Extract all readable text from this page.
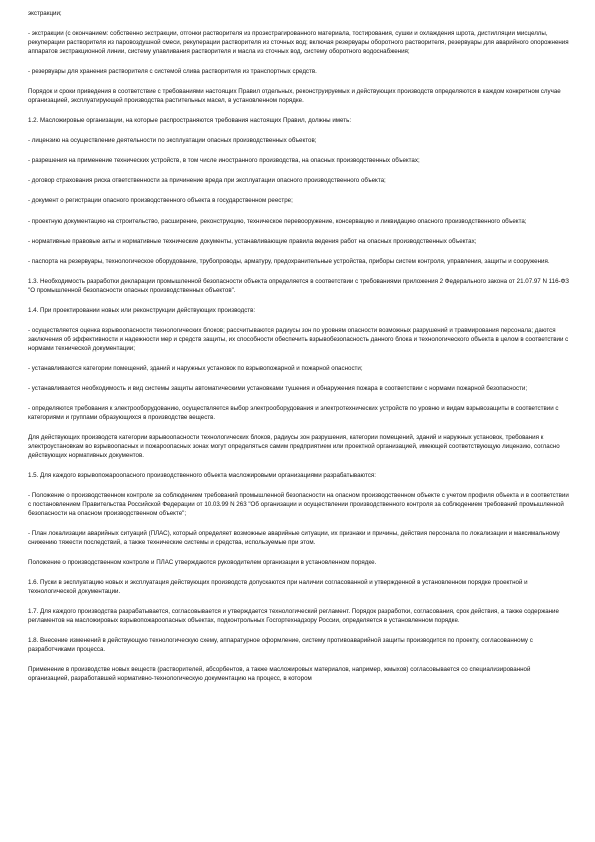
экстракции;

- экстракции (с окончанием: собственно экстракции, отгонки растворителя из проэкстрагированного материала, тостирования, сушки и охлаждения шрота, дистилляции мисцеллы, рекуперации растворителя из паровоздушной смеси, рекуперации растворителя из сточных вод; включая резервуары оборотного растворителя, резервуары для аварийного опорожнения аппаратов экстракционной линии, систему улавливания растворителя и масла из сточных вод, систему оборотного водоснабжения;

- резервуары для хранения растворителя с системой слива растворителя из транспортных средств.

Порядок и сроки приведения в соответствие с требованиями настоящих Правил отдельных, реконструируемых и действующих производств определяются в каждом конкретном случае организацией, эксплуатирующей производства растительных масел, в установленном порядке.

1.2. Масложировые организации, на которые распространяются требования настоящих Правил, должны иметь:

- лицензию на осуществление деятельности по эксплуатации опасных производственных объектов;

- разрешения на применение технических устройств, в том числе иностранного производства, на опасных производственных объектах;

- договор страхования риска ответственности за причинение вреда при эксплуатации опасного производственного объекта;

- документ о регистрации опасного производственного объекта в государственном реестре;

- проектную документацию на строительство, расширение, реконструкцию, техническое перевооружение, консервацию и ликвидацию опасного производственного объекта;

- нормативные правовые акты и нормативные технические документы, устанавливающие правила ведения работ на опасных производственных объектах;

- паспорта на резервуары, технологическое оборудование, трубопроводы, арматуру, предохранительные устройства, приборы систем контроля, управления, защиты и сооружения.

1.3. Необходимость разработки декларации промышленной безопасности объекта определяется в соответствии с требованиями приложения 2 Федерального закона от 21.07.97 N 116-ФЗ "О промышленной безопасности опасных производственных объектов".

1.4. При проектировании новых или реконструкции действующих производств:

- осуществляется оценка взрывоопасности технологических блоков; рассчитываются радиусы зон по уровням опасности возможных разрушений и травмирования персонала; даются заключения об эффективности и надежности мер и средств защиты, их способности обеспечить взрывобезопасность данного блока и технологического объекта в целом в соответствии с нормами технической документации;

- устанавливаются категории помещений, зданий и наружных установок по взрывопожарной и пожарной опасности;

- устанавливается необходимость и вид системы защиты автоматическими установками тушения и обнаружения пожара в соответствии с нормами пожарной безопасности;

- определяются требования к электрооборудованию, осуществляется выбор электрооборудования и электротехнических устройств по уровню и видам взрывозащиты в соответствии с категориями и группами образующихся в производстве веществ.

Для действующих производств категории взрывоопасности технологических блоков, радиусы зон разрушения, категории помещений, зданий и наружных установок, требования к электроустановкам во взрывоопасных и пожароопасных зонах могут определяться самим предприятием или проектной организацией, имеющей соответствующую лицензию, согласно действующих нормативных документов.

1.5. Для каждого взрывопожароопасного производственного объекта масложировыми организациями разрабатываются:

- Положение о производственном контроле за соблюдением требований промышленной безопасности на опасном производственном объекте с учетом профиля объекта и в соответствии с постановлением Правительства Российской Федерации от 10.03.99 N 263 "Об организации и осуществлении производственного контроля за соблюдением требований промышленной безопасности на опасном производственном объекте";

- План локализации аварийных ситуаций (ПЛАС), который определяет возможные аварийные ситуации, их признаки и причины, действия персонала по локализации и максимальному снижению тяжести последствий, а также технические системы и средства, используемые при этом.

Положение о производственном контроле и ПЛАС утверждаются руководителем организации в установленном порядке.

1.6. Пуски в эксплуатацию новых и эксплуатация действующих производств допускаются при наличии согласованной и утвержденной в установленном порядке проектной и технологической документации.

1.7. Для каждого производства разрабатывается, согласовывается и утверждается технологический регламент. Порядок разработки, согласования, срок действия, а также содержание регламентов на масложировых взрывопожароопасных объектах, подконтрольных Госгортехнадзору России, определяется в установленном порядке.

1.8. Внесение изменений в действующую технологическую схему, аппаратурное оформление, систему противоаварийной защиты производится по проекту, согласованному с разработчиками процесса.

Применение в производстве новых веществ (растворителей, абсорбентов, а также масложировых материалов, например, жмыхов) согласовывается со специализированной организацией, разработавшей нормативно-технологическую документацию на процесс, в котором
